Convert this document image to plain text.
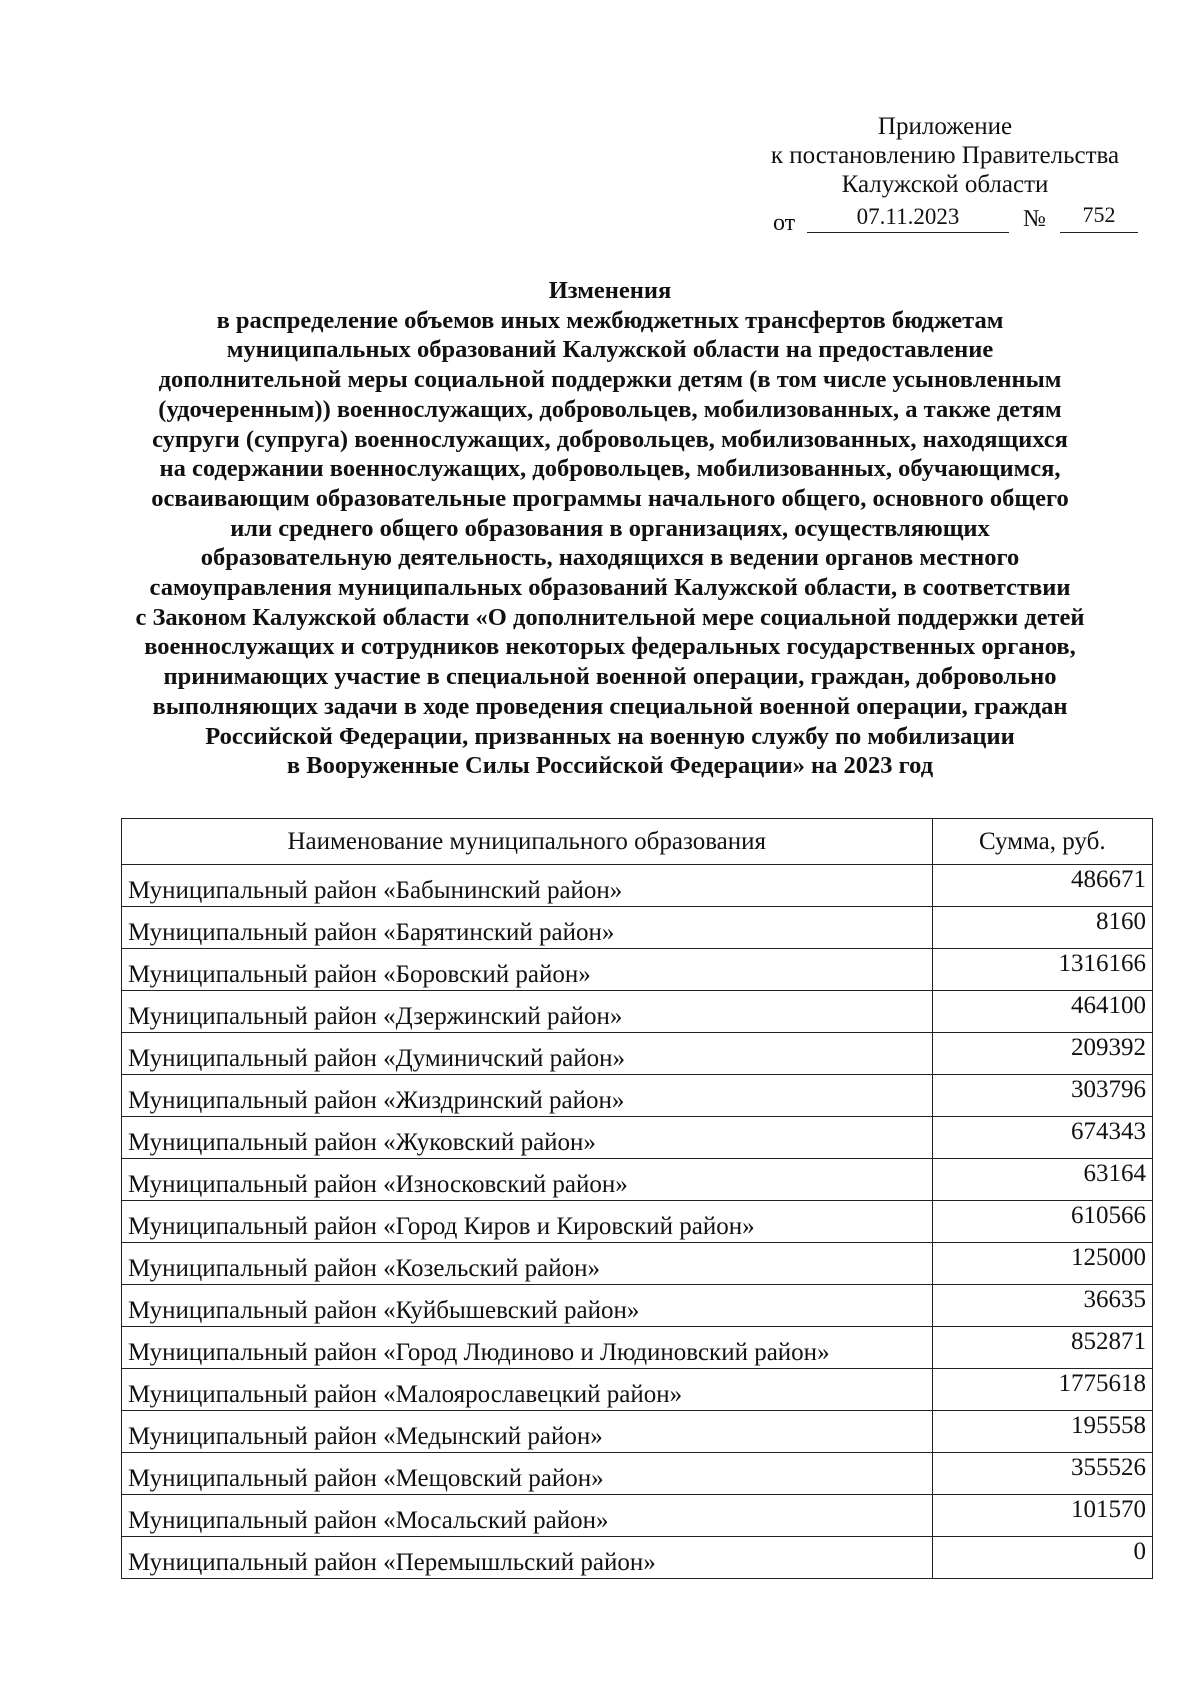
Приложение
к постановлению Правительства
Калужской области
от	07.11.2023	№	752
Изменения
в распределение объемов иных межбюджетных трансфертов бюджетам
муниципальных образований Калужской области на предоставление
дополнительной меры социальной поддержки детям (в том числе усыновленным
(удочеренным)) военнослужащих, добровольцев, мобилизованных, а также детям
супруги (супруга) военнослужащих, добровольцев, мобилизованных, находящихся
на содержании военнослужащих, добровольцев, мобилизованных, обучающимся,
осваивающим образовательные программы начального общего, основного общего
или среднего общего образования в организациях, осуществляющих
образовательную деятельность, находящихся в ведении органов местного
самоуправления муниципальных образований Калужской области, в соответствии
с Законом Калужской области «О дополнительной мере социальной поддержки детей
военнослужащих и сотрудников некоторых федеральных государственных органов,
принимающих участие в специальной военной операции, граждан, добровольно
выполняющих задачи в ходе проведения специальной военной операции, граждан
Российской Федерации, призванных на военную службу по мобилизации
в Вооруженные Силы Российской Федерации» на 2023 год
Наименование муниципального образования	Сумма, руб.
Муниципальный район «Бабынинский район»	486671
Муниципальный район «Барятинский район»	8160
Муниципальный район «Боровский район»	1316166
Муниципальный район «Дзержинский район»	464100
Муниципальный район «Думиничский район»	209392
Муниципальный район «Жиздринский район»	303796
Муниципальный район «Жуковский район»	674343
Муниципальный район «Износковский район»	63164
Муниципальный район «Город Киров и Кировский район»	610566
Муниципальный район «Козельский район»	125000
Муниципальный район «Куйбышевский район»	36635
Муниципальный район «Город Людиново и Людиновский район»	852871
Муниципальный район «Малоярославецкий район»	1775618
Муниципальный район «Медынский район»	195558
Муниципальный район «Мещовский район»	355526
Муниципальный район «Мосальский район»	101570
Муниципальный район «Перемышльский район»	0
